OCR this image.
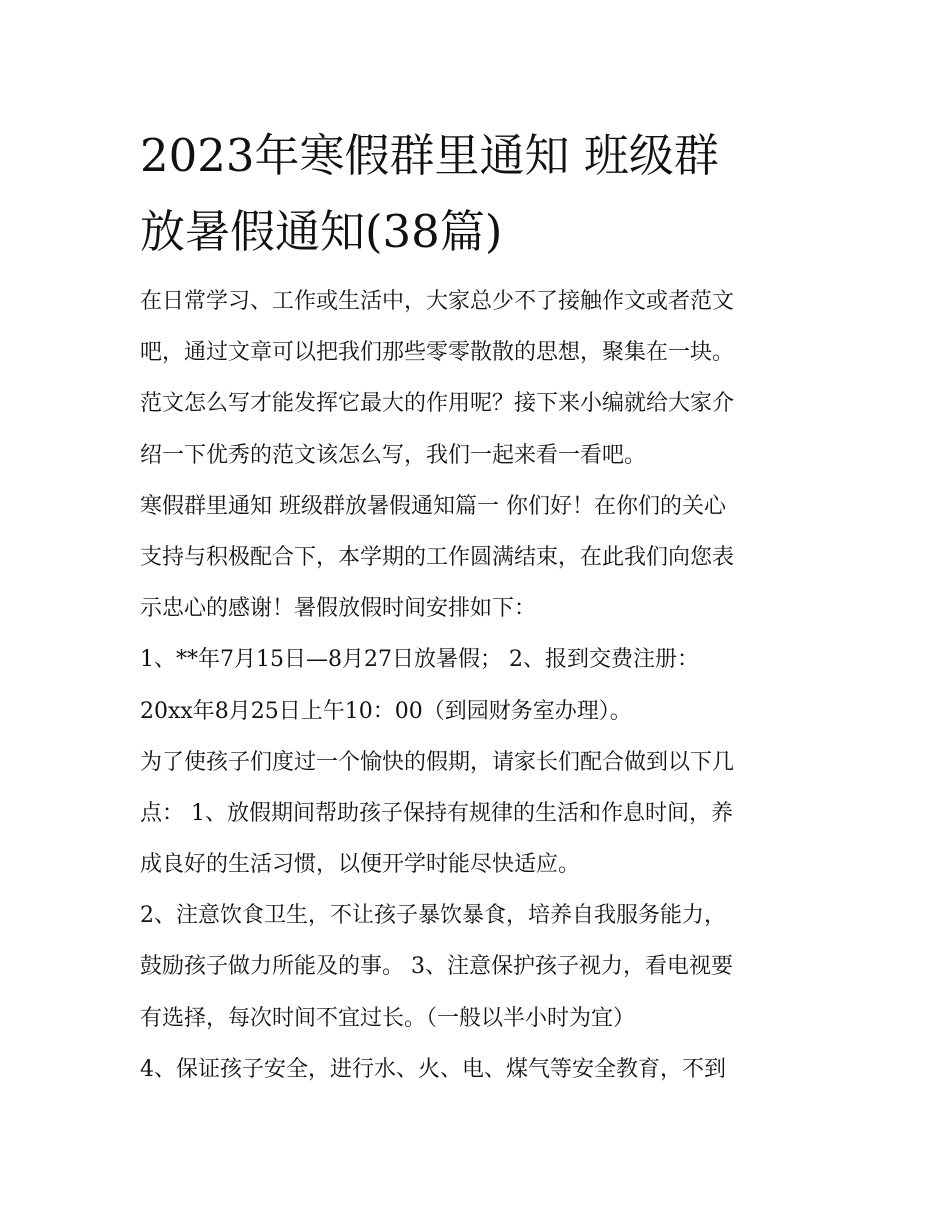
2023年寒假群里通知 班级群
放暑假通知(38篇)
在日常学习、工作或生活中，大家总少不了接触作文或者范文
吧，通过文章可以把我们那些零零散散的思想，聚集在一块。
范文怎么写才能发挥它最大的作用呢？接下来小编就给大家介
绍一下优秀的范文该怎么写，我们一起来看一看吧。
寒假群里通知 班级群放暑假通知篇一 你们好！在你们的关心
支持与积极配合下，本学期的工作圆满结束，在此我们向您表
示忠心的感谢！暑假放假时间安排如下：
1、**年7月15日—8月27日放暑假； 2、报到交费注册：
20xx年8月25日上午10：00（到园财务室办理）。
为了使孩子们度过一个愉快的假期，请家长们配合做到以下几
点： 1、放假期间帮助孩子保持有规律的生活和作息时间，养
成良好的生活习惯，以便开学时能尽快适应。
2、注意饮食卫生，不让孩子暴饮暴食，培养自我服务能力，
鼓励孩子做力所能及的事。 3、注意保护孩子视力，看电视要
有选择，每次时间不宜过长。（一般以半小时为宜）
4、保证孩子安全，进行水、火、电、煤气等安全教育，不到
